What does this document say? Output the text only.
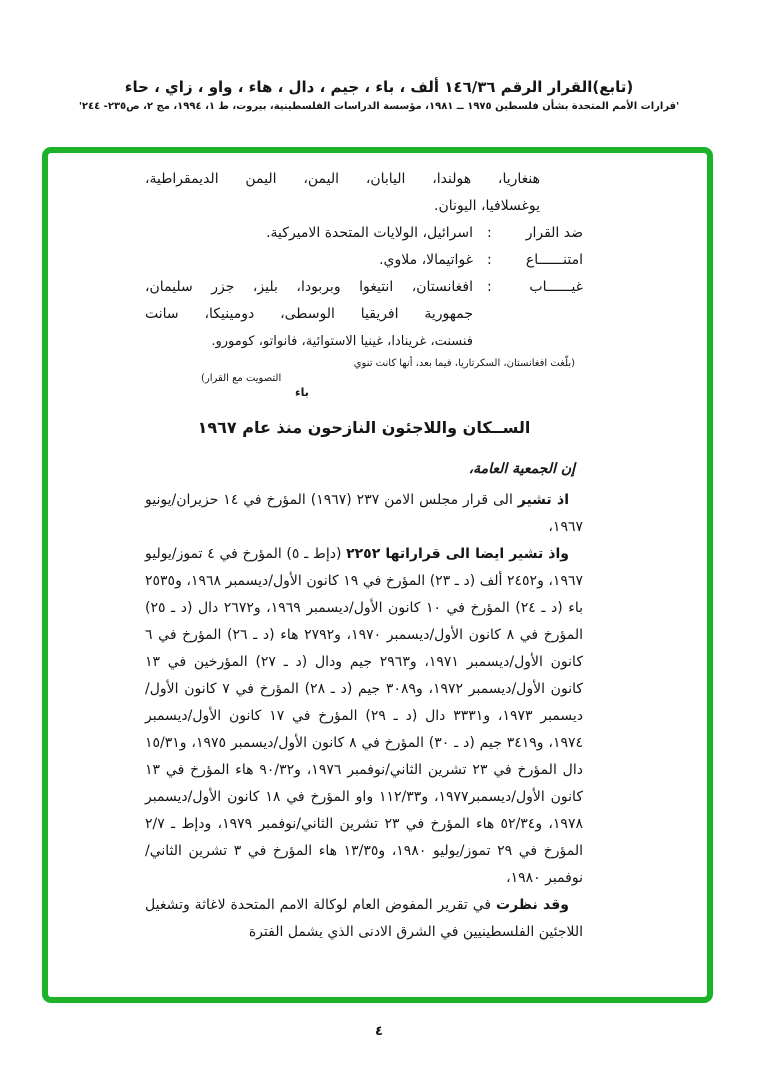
(تابع)القرار الرقم ١٤٦/٣٦ ألف ، باء ، جيم ، دال ، هاء ، واو ، زاي ، حاء
'قرارات الأمم المتحدة بشأن فلسطين ١٩٧٥ ــ ١٩٨١، مؤسسة الدراسات الفلسطينية، بيروت، ط ١، ١٩٩٤، مج ٢، ص٢٣٥- ٢٤٤'
هنغاريا، هولندا، اليابان، اليمن، اليمن الديمقراطية،
يوغسلافيا، اليونان.
ضد القرار
:
اسرائيل، الولايات المتحدة الاميركية.
امتنــــــاع
:
غواتيمالا، ملاوي.
غيــــــاب
:
افغانستان، انتيغوا وبربودا، بليز، جزر سليمان،
جمهورية افريقيا الوسطى، دومينيكا، سانت
فنسنت، غرينادا، غينيا الاستوائية، فانواتو، كومورو.
(بلّغت افغانستان، السكرتاريا، فيما بعد، أنها كانت تنوي
التصويت مع القرار)
باء
الســكان واللاجئون النازحون منذ عام ١٩٦٧
إن الجمعية العامة،

اذ تشير الى قرار مجلس الامن ٢٣٧ (١٩٦٧) المؤرخ في ١٤ حزيران/يونيو ١٩٦٧،

واذ تشير ايضا الى قراراتها ٢٢٥٢ (دإط ـ ٥) المؤرخ في ٤ تموز/يوليو ١٩٦٧، و٢٤٥٢ ألف (د ـ ٢٣) المؤرخ في ١٩ كانون الأول/ديسمبر ١٩٦٨، و٢٥٣٥ باء (د ـ ٢٤) المؤرخ في ١٠ كانون الأول/ديسمبر ١٩٦٩، و٢٦٧٢ دال (د ـ ٢٥) المؤرخ في ٨ كانون الأول/ديسمبر ١٩٧٠، و٢٧٩٢ هاء (د ـ ٢٦) المؤرخ في ٦ كانون الأول/ديسمبر ١٩٧١، و٢٩٦٣ جيم ودال (د ـ ٢٧) المؤرخين في ١٣ كانون الأول/ديسمبر ١٩٧٢، و٣٠٨٩ جيم (د ـ ٢٨) المؤرخ في ٧ كانون الأول/ديسمبر ١٩٧٣، و٣٣٣١ دال (د ـ ٢٩) المؤرخ في ١٧ كانون الأول/ديسمبر ١٩٧٤، و٣٤١٩ جيم (د ـ ٣٠) المؤرخ في ٨ كانون الأول/ديسمبر ١٩٧٥، و١٥/٣١ دال المؤرخ في ٢٣ تشرين الثاني/نوفمبر ١٩٧٦، و٩٠/٣٢ هاء المؤرخ في ١٣ كانون الأول/ديسمبر١٩٧٧، و١١٢/٣٣ واو المؤرخ في ١٨ كانون الأول/ديسمبر ١٩٧٨، و٥٢/٣٤ هاء المؤرخ في ٢٣ تشرين الثاني/نوفمبر ١٩٧٩، ودإط ـ ٢/٧ المؤرخ في ٢٩ تموز/يوليو ١٩٨٠، و١٣/٣٥ هاء المؤرخ في ٣ تشرين الثاني/نوفمبر ١٩٨٠،

وقد نظرت في تقرير المفوض العام لوكالة الامم المتحدة لاغاثة وتشغيل اللاجئين الفلسطينيين في الشرق الادنى الذي يشمل الفترة

٤
